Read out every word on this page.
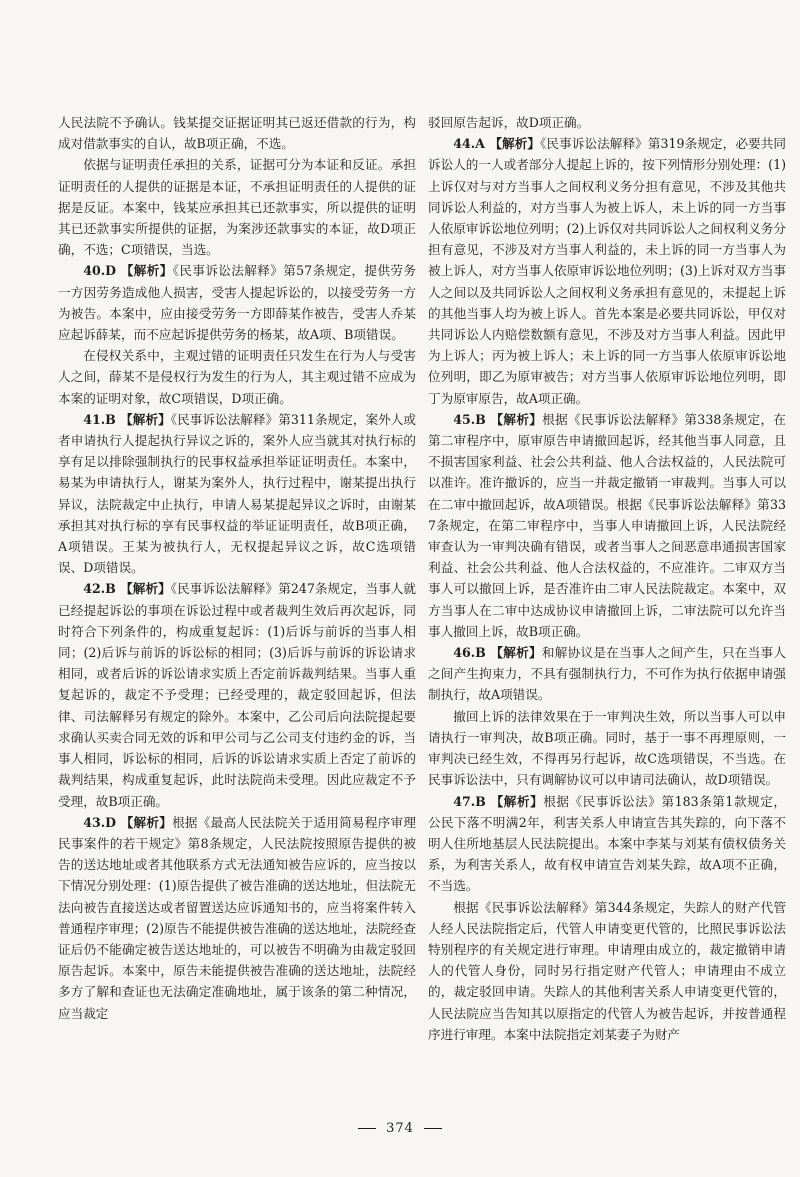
人民法院不予确认。钱某提交证据证明其已返还借款的行为，构成对借款事实的自认，故B项正确，不选。

依据与证明责任承担的关系，证据可分为本证和反证。承担证明责任的人提供的证据是本证，不承担证明责任的人提供的证据是反证。本案中，钱某应承担其已还款事实，所以提供的证明其已还款事实所提供的证据，为案涉还款事实的本证，故D项正确，不选；C项错误，当选。

40.D 【解析】《民事诉讼法解释》第57条规定，提供劳务一方因劳务造成他人损害，受害人提起诉讼的，以接受劳务一方为被告。本案中，应由接受劳务一方即薛某作被告，受害人乔某应起诉薛某，而不应起诉提供劳务的杨某，故A项、B项错误。

在侵权关系中，主观过错的证明责任只发生在行为人与受害人之间，薛某不是侵权行为发生的行为人，其主观过错不应成为本案的证明对象，故C项错误，D项正确。

41.B 【解析】《民事诉讼法解释》第311条规定，案外人或者申请执行人提起执行异议之诉的，案外人应当就其对执行标的享有足以排除强制执行的民事权益承担举证证明责任。本案中，易某为申请执行人，谢某为案外人，执行过程中，谢某提出执行异议，法院裁定中止执行，申请人易某提起异议之诉时，由谢某承担其对执行标的享有民事权益的举证证明责任，故B项正确，A项错误。王某为被执行人，无权提起异议之诉，故C选项错误、D项错误。

42.B 【解析】《民事诉讼法解释》第247条规定，当事人就已经提起诉讼的事项在诉讼过程中或者裁判生效后再次起诉，同时符合下列条件的，构成重复起诉：(1)后诉与前诉的当事人相同；(2)后诉与前诉的诉讼标的相同；(3)后诉与前诉的诉讼请求相同，或者后诉的诉讼请求实质上否定前诉裁判结果。当事人重复起诉的，裁定不予受理；已经受理的，裁定驳回起诉，但法律、司法解释另有规定的除外。本案中，乙公司后向法院提起要求确认买卖合同无效的诉和甲公司与乙公司支付违约金的诉，当事人相同，诉讼标的相同，后诉的诉讼请求实质上否定了前诉的裁判结果，构成重复起诉，此时法院尚未受理。因此应裁定不予受理，故B项正确。

43.D 【解析】根据《最高人民法院关于适用简易程序审理民事案件的若干规定》第8条规定，人民法院按照原告提供的被告的送达地址或者其他联系方式无法通知被告应诉的，应当按以下情况分别处理：(1)原告提供了被告准确的送达地址，但法院无法向被告直接送达或者留置送达应诉通知书的，应当将案件转入普通程序审理；(2)原告不能提供被告准确的送达地址，法院经查证后仍不能确定被告送达地址的，可以被告不明确为由裁定驳回原告起诉。本案中，原告未能提供被告准确的送达地址，法院经多方了解和查证也无法确定准确地址，属于该条的第二种情况，应当裁定

驳回原告起诉，故D项正确。

44.A 【解析】《民事诉讼法解释》第319条规定，必要共同诉讼人的一人或者部分人提起上诉的，按下列情形分别处理：(1)上诉仅对与对方当事人之间权利义务分担有意见，不涉及其他共同诉讼人利益的，对方当事人为被上诉人，未上诉的同一方当事人依原审诉讼地位列明；(2)上诉仅对共同诉讼人之间权利义务分担有意见，不涉及对方当事人利益的，未上诉的同一方当事人为被上诉人，对方当事人依原审诉讼地位列明；(3)上诉对双方当事人之间以及共同诉讼人之间权利义务承担有意见的，未提起上诉的其他当事人均为被上诉人。首先本案是必要共同诉讼，甲仅对共同诉讼人内赔偿数额有意见，不涉及对方当事人利益。因此甲为上诉人；丙为被上诉人；未上诉的同一方当事人依原审诉讼地位列明，即乙为原审被告；对方当事人依原审诉讼地位列明，即丁为原审原告，故A项正确。

45.B 【解析】根据《民事诉讼法解释》第338条规定，在第二审程序中，原审原告申请撤回起诉，经其他当事人同意，且不损害国家利益、社会公共利益、他人合法权益的，人民法院可以准许。准许撤诉的，应当一并裁定撤销一审裁判。当事人可以在二审中撤回起诉，故A项错误。根据《民事诉讼法解释》第337条规定，在第二审程序中，当事人申请撤回上诉，人民法院经审查认为一审判决确有错误，或者当事人之间恶意串通损害国家利益、社会公共利益、他人合法权益的，不应准许。二审双方当事人可以撤回上诉，是否准许由二审人民法院裁定。本案中，双方当事人在二审中达成协议申请撤回上诉，二审法院可以允许当事人撤回上诉，故B项正确。

46.B 【解析】和解协议是在当事人之间产生，只在当事人之间产生拘束力，不具有强制执行力，不可作为执行依据申请强制执行，故A项错误。

撤回上诉的法律效果在于一审判决生效，所以当事人可以申请执行一审判决，故B项正确。同时，基于一事不再理原则，一审判决已经生效，不得再另行起诉，故C选项错误，不当选。在民事诉讼法中，只有调解协议可以申请司法确认，故D项错误。

47.B 【解析】根据《民事诉讼法》第183条第1款规定，公民下落不明满2年，利害关系人申请宣告其失踪的，向下落不明人住所地基层人民法院提出。本案中李某与刘某有债权债务关系，为利害关系人，故有权申请宣告刘某失踪，故A项不正确，不当选。

根据《民事诉讼法解释》第344条规定，失踪人的财产代管人经人民法院指定后，代管人申请变更代管的，比照民事诉讼法特别程序的有关规定进行审理。申请理由成立的，裁定撤销申请人的代管人身份，同时另行指定财产代管人；申请理由不成立的，裁定驳回申请。失踪人的其他利害关系人申请变更代管的，人民法院应当告知其以原指定的代管人为被告起诉，并按普通程序进行审理。本案中法院指定刘某妻子为财产

374
